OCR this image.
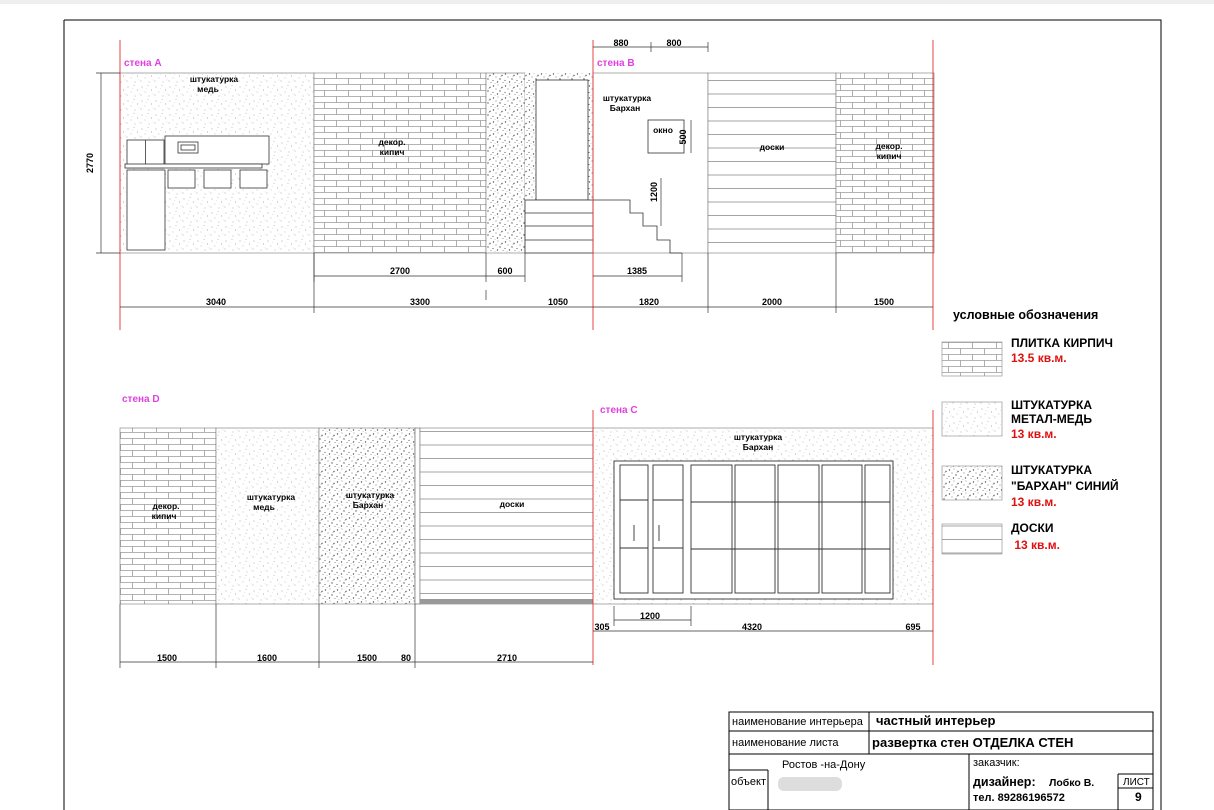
стена А	стена В
2770
880	800
штукатурка
медь
декор.
кипич
штукатурка
Бархан
окно 500
1200
доски	декор.
кипич
2700	600	1385
3040	3300	1050	1820	2000	1500
стена D
стена С
декор.
кипич
штукатурка
медь
штукатурка
Бархан	доски
штукатурка
Бархан
1200
305	4320	695
1500	1600	1500	80	2710
условные обозначения
ПЛИТКА КИРПИЧ
13.5 кв.м.
ШТУКАТУРКА
МЕТАЛ-МЕДЬ
13 кв.м.
ШТУКАТУРКА
"БАРХАН" СИНИЙ
13 кв.м.
ДОСКИ
13 кв.м.
наименование интерьера частный интерьер
наименование листа	развертка стен ОТДЕЛКА СТЕН
Ростов -на-Дону	заказчик:
объект	дизайнер: Лобко В.
тел. 89286196572
ЛИСТ
9
